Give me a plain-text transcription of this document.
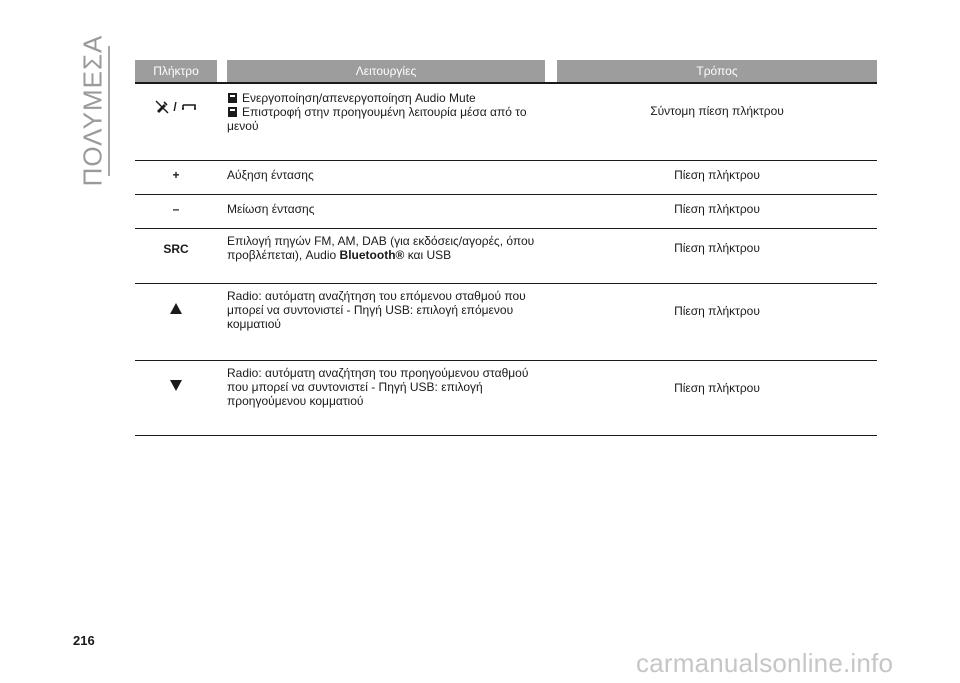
ΠΟΛΥΜΕΣΑ	Πλήκτρο		Λειτουργίες		Τρόπος

/		Ενεργοποίηση/απενεργοποίηση Audio Mute
Επιστροφή στην προηγουμένη λειτουρία μέσα από το
μενού		Σύντομη πίεση πλήκτρου
+		Αύξηση έντασης		Πίεση πλήκτρου
–		Μείωση έντασης		Πίεση πλήκτρου
SRC		Επιλογή πηγών FM, AM, DAB (για εκδόσεις/αγορές, όπου
προβλέπεται), Audio Bluetooth® και USB		Πίεση πλήκτρου

		Radio: αυτόματη αναζήτηση του επόμενου σταθμού που
μπορεί να συντονιστεί - Πηγή USB: επιλογή επόμενου
κομματιού		Πίεση πλήκτρου

		Radio: αυτόματη αναζήτηση του προηγούμενου σταθμού
που μπορεί να συντονιστεί - Πηγή USB: επιλογή
προηγούμενου κομματιού		Πίεση πλήκτρου
216
carmanualsonline.info
